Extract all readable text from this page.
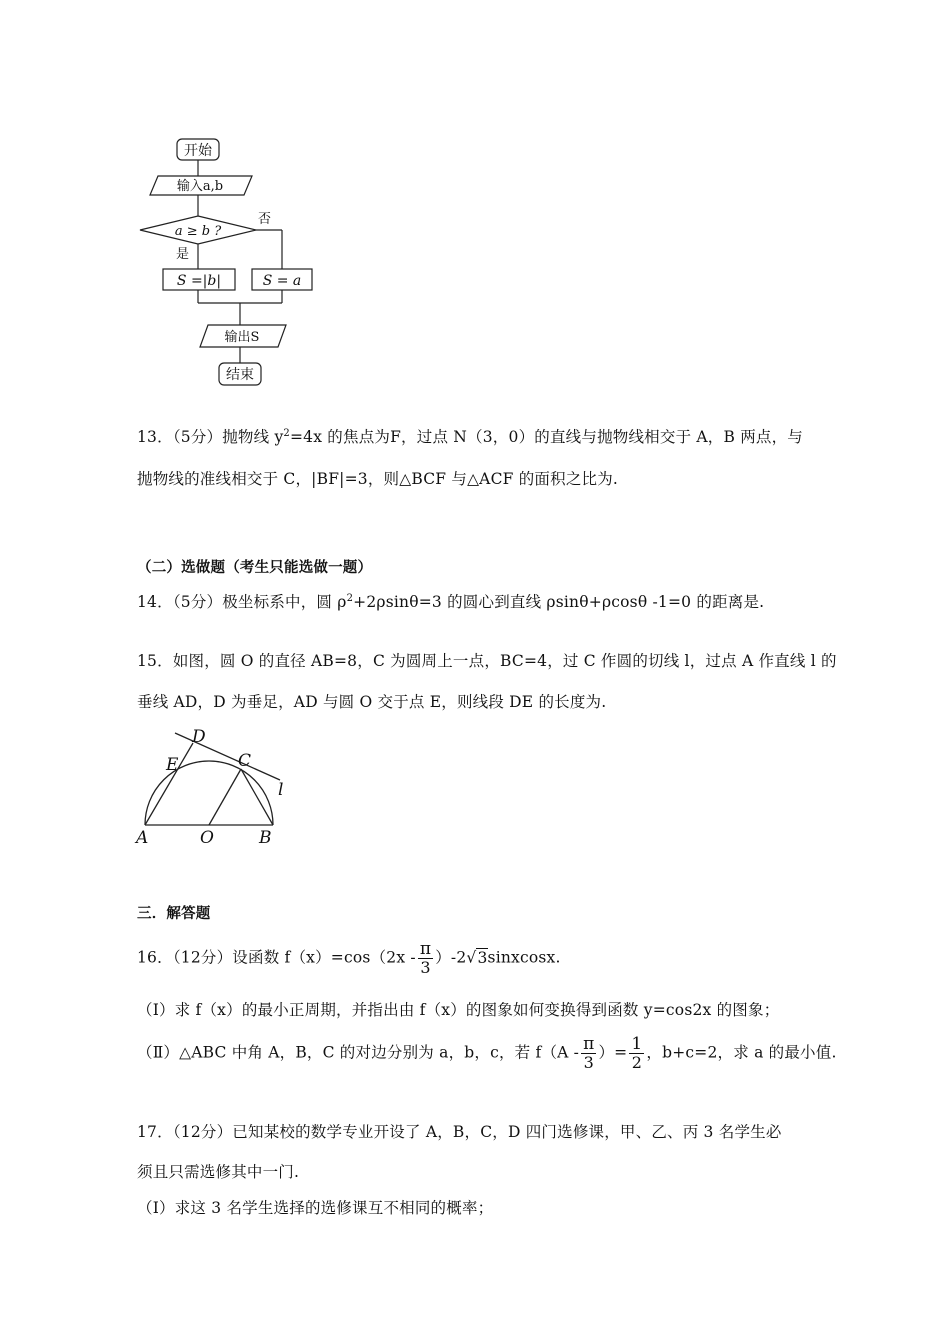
开始
输入a,b
a ≥ b ?
否
是
S =|b|	S = a
输出S
结束
13．（5分）抛物线 $y^2=4x$ 的焦点为F，过点 N（3，0）的直线与抛物线相交于 A，B 两点，与
抛物线的准线相交于 C，|BF|=3，则△BCF 与△ACF 的面积之比为.
（二）选做题（考生只能选做一题）
14．（5分）极坐标系中，圆 $\rho^2+2\rho\sin\theta=3$ 的圆心到直线 ρsinθ+ρcosθ -1=0 的距离是.
15．如图，圆 O 的直径 AB=8，C 为圆周上一点，BC=4，过 C 作圆的切线 l，过点 A 作直线 l 的
垂线 AD，D 为垂足，AD 与圆 O 交于点 E，则线段 DE 的长度为.
D
E	C
l
A	O	B
三．解答题
16．（12分）设函数 $f(x)=\cos(2x - \frac{\pi}{3}$ ）-2√3sinxcosx.
（Ⅰ）求 f（x）的最小正周期，并指出由 f（x）的图象如何变换得到函数 y=cos2x 的图象；
（Ⅱ）△ABC 中角 A，B，C 的对边分别为 a，b，c，若 $f(A - \frac{\pi}{3}$ ）= $\frac{1}{2}$ ，b+c=2，求 a 的最小值.
17．（12分）已知某校的数学专业开设了 A，B，C，D 四门选修课，甲、乙、丙 3 名学生必
须且只需选修其中一门.
（Ⅰ）求这 3 名学生选择的选修课互不相同的概率；
